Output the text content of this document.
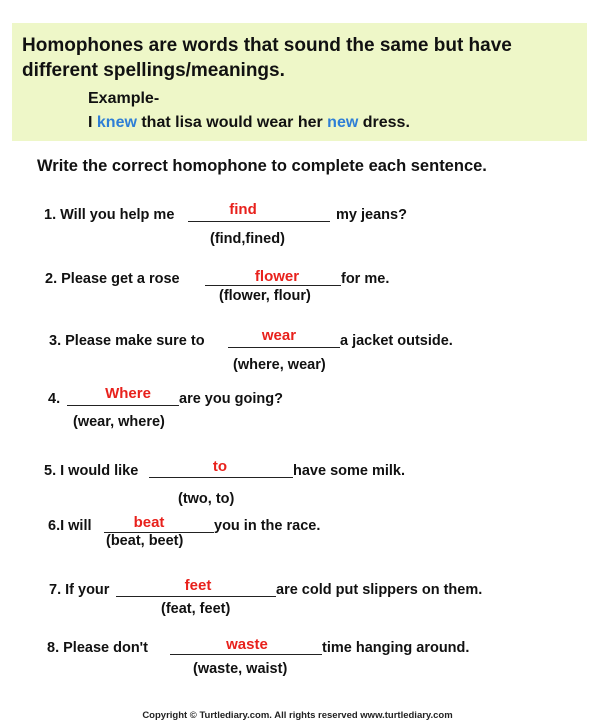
Homophones are words that sound the same but have different spellings/meanings.

Example-
I knew that lisa would wear her new dress.
Write the correct homophone to complete each sentence.
1. Will you help me	find	my jeans?
(find,fined)
2. Please get a rose	flower	for me.
(flower, flour)
3. Please make sure to	wear	a jacket outside.
(where, wear)
4.	Where	are you going?
(wear, where)
5. I would like	to	have some milk.
(two, to)
6.I will	beat	you in the race.
(beat, beet)
7. If your	feet	are cold put slippers on them.
(feat, feet)
8. Please don't	waste	time hanging around.
(waste, waist)
Copyright © Turtlediary.com. All rights reserved www.turtlediary.com
